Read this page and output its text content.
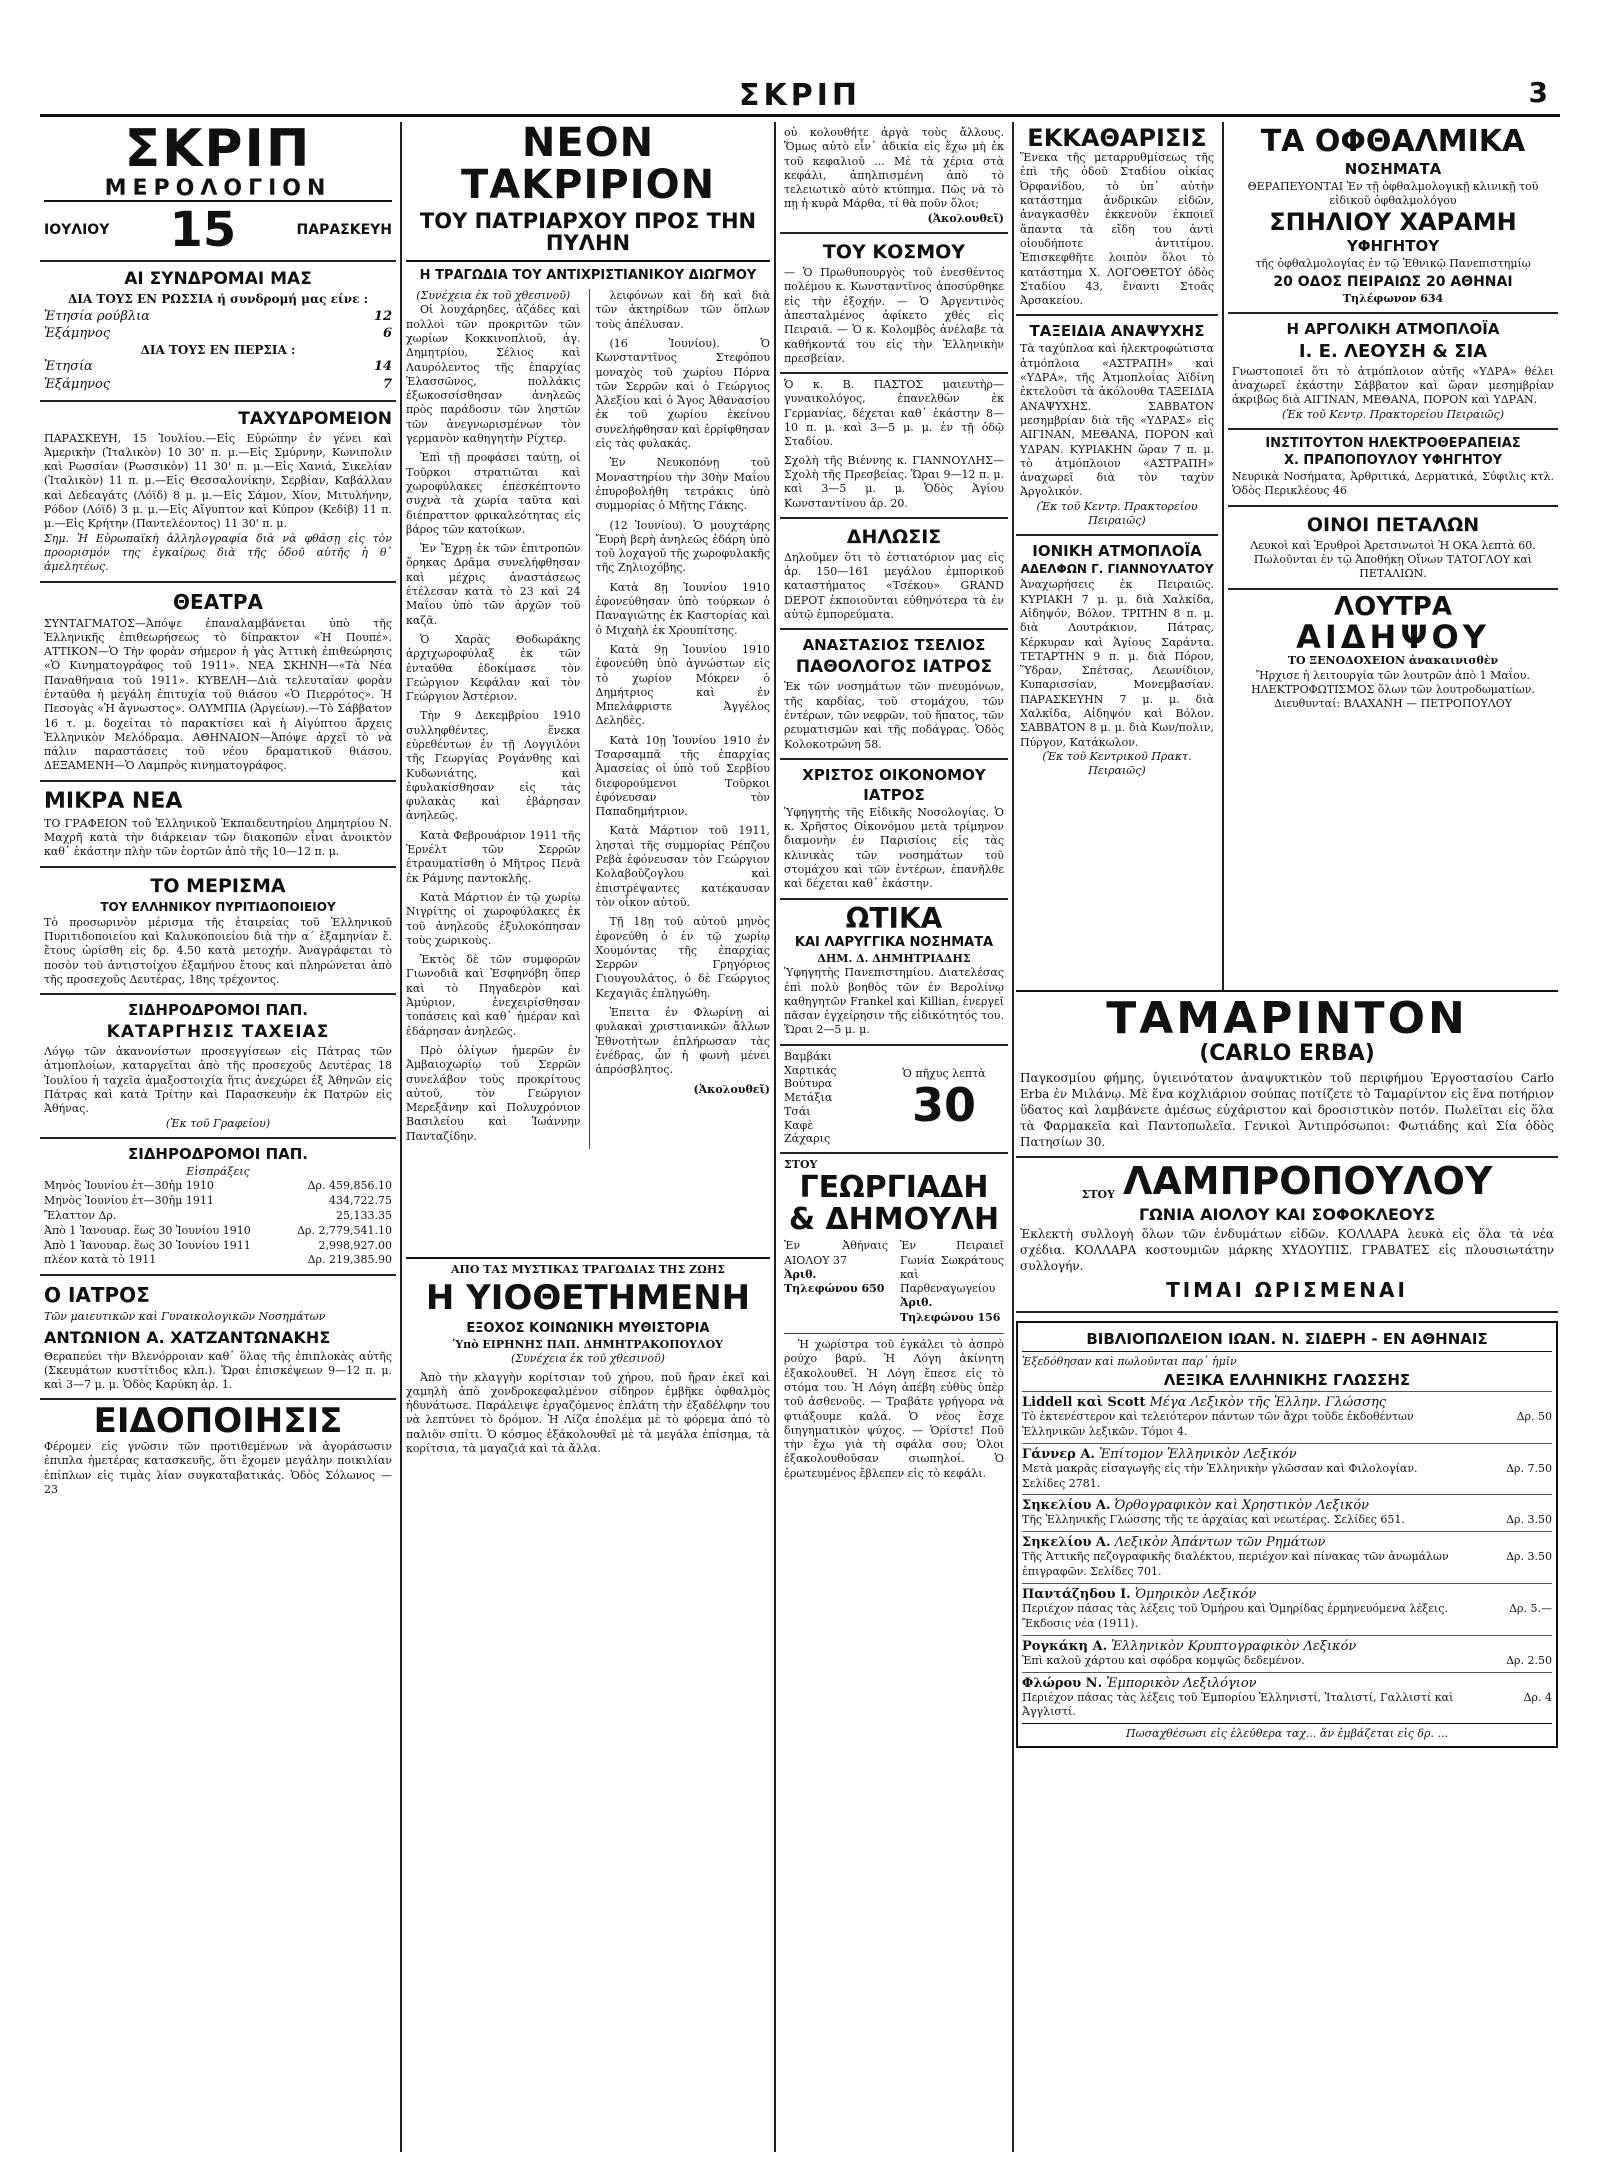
ΣΚΡΙΠ	3
ΣΚΡΙΠ
ΜΕΡΟΛΟΓΙΟΝ
ΙΟΥΛΙΟΥ 15	ΠΑΡΑΣΚΕΥΗ
ΑΙ ΣΥΝΔΡΟΜΑΙ ΜΑΣ
ΔΙΑ ΤΟΥΣ ΕΝ ΡΩΣΣΙΑ ή συνδρομή μας είνε :
Ἐτησία ρούβλια	12
Ἑξάμηνος	6
ΔΙΑ ΤΟΥΣ ΕΝ ΠΕΡΣΙΑ :
Ἐτησία	14
Ἑξάμηνος	7
ΤΑΧΥΔΡΟΜΕΙΟΝ
ΠΑΡΑΣΚΕΥΗ, 15 Ἰουλίου.—Εἰς Εὐρώπην ἐν γένει καὶ Ἀμερικὴν (Ἰταλικὸν) 10 30' π. μ.—Εἰς Σμύρνην, Κωνιπολιν καὶ Ρωσσίαν (Ρωσσικὸν) 11 30' π. μ.—Εἰς Χανιά, Σικελίαν (Ἰταλικὸν) 11 π. μ.—Εἰς Θεσσαλονίκην, Σερβίαν, Καβάλλαν καὶ Δεδεαγάτς (Λόϊδ) 8 μ. μ.—Εἰς Σάμον, Χίον, Μιτυλήνην, Ρόδον (Λόϊδ) 3 μ. μ.—Εἰς Αἴγυπτον καὶ Κύπρον (Κεδίβ) 11 π. μ.—Εἰς Κρήτην (Παντελέοντος) 11 30' π. μ.
Σημ. Ἡ Εὐρωπαϊκὴ ἀλληλογραφία διὰ νὰ φθάσῃ εἰς τὸν προορισμόν της ἐγκαίρως διὰ τῆς ὁδοῦ αὐτῆς ἡ θ᾽ ἀμελητέως.
ΘΕΑΤΡΑ
ΣΥΝΤΑΓΜΑΤΟΣ—Ἀπόψε ἐπαναλαμβάνεται ὑπὸ τῆς Ἑλληνικῆς ἐπιθεωρήσεως τὸ δίπρακτον «Ἡ Πουπέ». ΑΤΤΙΚΟΝ—Ὁ Τὴν φορὰν σήμερον ἡ γὰς Ἀττικὴ ἐπιθεώρησις «Ὁ Κινηματογράφος τοῦ 1911». ΝΕΑ ΣΚΗΝΗ—«Τὰ Νέα Παναθήναια τοῦ 1911». ΚΥΒΕΛΗ—Διὰ τελευταίαν φορὰν ἐνταῦθα ἡ μεγάλη ἐπιτυχία τοῦ θιάσου «Ὁ Πιερρότος». Ἡ Πεσογὰς «Ἡ ἄγνωστος». ΟΛΥΜΠΙΑ (Ἀργείων).—Τὸ Σάββατον 16 τ. μ. δοχείται τὸ παρακτίσει καὶ ἡ Αἰγύπτου ἄρχεις Ἑλληνικὸν Μελόδραμα. ΑΘΗΝΑΙΟΝ—Ἀπόψε ἀρχεῖ τὸ νὰ πάλιν παραστάσεις τοῦ νέου δραματικοῦ θιάσου. ΔΕΞΑΜΕΝΗ—Ὁ Λαμπρὸς κινηματογράφος.
ΜΙΚΡΑ ΝΕΑ
ΤΟ ΓΡΑΦΕΙΟΝ τοῦ Ἑλληνικοῦ Ἐκπαιδευτηρίου Δημητρίου Ν. Μαχρῆ κατὰ τὴν διάρκειαν τῶν διακοπῶν εἶναι ἀνοικτὸν καθ᾽ ἑκάστην πλὴν τῶν ἑορτῶν ἀπὸ τῆς 10—12 π. μ.
ΤΟ ΜΕΡΙΣΜΑ
ΤΟΥ ΕΛΛΗΝΙΚΟΥ ΠΥΡΙΤΙΔΟΠΟΙΕΙΟΥ
Τὸ προσωρινὸν μέρισμα τῆς ἑταιρείας τοῦ Ἑλληνικοῦ Πυριτιδοποιείου καὶ Καλυκοποιείου διὰ τὴν α΄ ἑξαμηνίαν ἔ. ἔτους ὡρίσθη εἰς δρ. 4.50 κατὰ μετοχήν. Ἀναγράφεται τὸ ποσὸν τοῦ ἀντιστοίχου ἑξαμήνου ἔτους καὶ πληρώνεται ἀπὸ τῆς προσεχοῦς Δευτέρας, 18ης τρέχοντος.
ΣΙΔΗΡΟΔΡΟΜΟΙ ΠΑΠ.
ΚΑΤΑΡΓΗΣΙΣ ΤΑΧΕΙΑΣ
Λόγῳ τῶν ἀκανονίστων προσεγγίσεων εἰς Πάτρας τῶν ἀτμοπλοίων, καταργεῖται ἀπὸ τῆς προσεχοῦς Δευτέρας 18 Ἰουλίου ἡ ταχεῖα ἁμαξοστοιχία ἥτις ἀνεχώρει ἐξ Ἀθηνῶν εἰς Πάτρας καὶ κατὰ Τρίτην καὶ Παρασκευὴν ἐκ Πατρῶν εἰς Ἀθήνας.
(Ἐκ τοῦ Γραφείου)
ΣΙΔΗΡΟΔΡΟΜΟΙ ΠΑΠ.
Εἰσπράξεις
Μηνὸς Ἰουνίου ἐτ—30ἡμ 1910	Δρ. 459,856.10
Μηνὸς Ἰουνίου ἐτ—30ἡμ 1911	434,722.75
Ἔλαττον Δρ.	25,133.35
Ἀπὸ 1 Ἰανουαρ. ἕως 30 Ἰουνίου 1910	Δρ. 2,779,541.10
Ἀπὸ 1 Ἰανουαρ. ἕως 30 Ἰουνίου 1911	2,998,927.00
πλέον κατὰ τὸ 1911	Δρ. 219,385.90
Ο ΙΑΤΡΟΣ
Τῶν μαιευτικῶν καὶ Γυναικολογικῶν Νοσημάτων
ΑΝΤΩΝΙΟΝ Α. ΧΑΤΖΑΝΤΩΝΑΚΗΣ
Θεραπεύει τὴν Βλενόρροιαν καθ᾽ ὅλας τῆς ἐπιπλοκὰς αὐτῆς (Σκευμάτων κυστίτιδος κλπ.). Ὥραι ἐπισκέψεων 9—12 π. μ. καὶ 3—7 μ. μ. Ὁδὸς Καρύκη ἀρ. 1.
ΕΙΔΟΠΟΙΗΣΙΣ
Φέρομεν εἰς γνῶσιν τῶν προτιθεμένων νὰ ἀγοράσωσιν ἐπιπλα ἡμετέρας κατασκευῆς, ὅτι ἔχομεν μεγάλην ποικιλίαν ἐπίπλων εἰς τιμὰς λίαν συγκαταβατικάς. Ὁδὸς Σόλωνος — 23
ΝΕΟΝ ΤΑΚΡΙΡΙΟΝ
ΤΟΥ ΠΑΤΡΙΑΡΧΟΥ ΠΡΟΣ ΤΗΝ ΠΥΛΗΝ
Η ΤΡΑΓΩΔΙΑ ΤΟΥ ΑΝΤΙΧΡΙΣΤΙΑΝΙΚΟΥ ΔΙΩΓΜΟΥ
(Συνέχεια ἐκ τοῦ χθεσινοῦ)

Οἱ λουχάρηδες, ἀζάδες καὶ πολλοὶ τῶν προκριτῶν τῶν χωρίων Κοκκινοπλιοῦ, ἁγ. Δημητρίου, Σέλιος καὶ Λαυρόλεντος τῆς ἐπαρχίας Ἐλασσῶνος, πολλάκις ἐξωκοσσίσθησαν ἀνηλεῶς πρὸς παράδοσιν τῶν ληστῶν τῶν ἀνεγνωρισμένων τὸν γερμανὸν καθηγητὴν Ρίχτερ.

Ἐπὶ τῇ προφάσει ταύτῃ, οἱ Τοῦρκοι στρατιῶται καὶ χωροφύλακες ἐπεσκέπτοντο συχνὰ τὰ χωρία ταῦτα καὶ διέπραττον φρικαλεότητας εἰς βάρος τῶν κατοίκων.

Ἐν Ἔχρῃ ἐκ τῶν ἐπιτροπῶν ὅρηκας Δρᾶμα συνελήφθησαν καὶ μέχρις ἀναστάσεως ἐτέλεσαν κατὰ τὸ 23 καὶ 24 Μαΐου ὑπὸ τῶν ἀρχῶν τοῦ καζᾶ.

Ὁ Χαρὰς Θοδωράκης ἀρχιχωροφύλαξ ἐκ τῶν ἐνταῦθα ἐδοκίμασε τὸν Γεώργιον Κεφάλαν καὶ τὸν Γεώργιον Ἀστέριον.

Τὴν 9 Δεκεμβρίου 1910 συλληφθέντες, ἕνεκα εὑρεθέντων ἐν τῇ Λογγιλόνι τῆς Γεωργίας Ρογάνθης καὶ Κυδωνιάτης, καὶ ἐφυλακίσθησαν εἰς τὰς φυλακὰς καὶ ἐβάρησαν ἀνηλεῶς.

Κατὰ Φεβρουάριον 1911 τῆς Ἐρνέλτ τῶν Σερρῶν ἐτραυματίσθη ὁ Μῆτρος Πενᾶ ἐκ Ράμνης παντοκλῆς.

Κατὰ Μάρτιον ἐν τῷ χωρίῳ Νιγρίτης οἱ χωροφύλακες ἐκ τοῦ ἀνηλεοῦς ἐξυλοκόπησαν τοὺς χωρικοὺς.

Ἐκτὸς δὲ τῶν συμφορῶν Γιωνοδιᾶ καὶ Ἐσφηνόβη ὅπερ καὶ τὸ Πηγαδερὸν καὶ Ἀμύριον, ἐνεχειρίσθησαν τοπάσεις καὶ καθ᾽ ἡμέραν καὶ ἐδάρησαν ἀνηλεῶς.

Πρὸ ὀλίγων ἡμερῶν ἐν Ἀμβαιοχωρίῳ τοῦ Σερρῶν συνελάβον τοὺς προκρίτους αὐτοῦ, τὸν Γεώργιον Μερεξᾶνην καὶ Πολυχρόνιον Βασιλείου καὶ Ἰωάννην Πανταζίδην.

λειφόνων καὶ δὴ καὶ διὰ τῶν ἀκτηρίδων τῶν ὅπλων τοὺς ἀπέλυσαν.

(16 Ἰουνίου). Ὁ Κωνσταντῖνος Στεφόπου μοναχὸς τοῦ χωρίου Πόρνα τῶν Σερρῶν καὶ ὁ Γεώργιος Ἀλεξίου καὶ ὁ Ἄγος Ἀθανασίου ἐκ τοῦ χωρίου ἐκείνου συνελήφθησαν καὶ ἐρρίφθησαν εἰς τὰς φυλακάς.

Ἐν Νευκοπόνῃ τοῦ Μοναστηρίου τὴν 30ὴν Μαΐου ἐπυροβολήθη τετράκις ὑπὸ συμμορίας ὁ Μῆτης Γάκης.

(12 Ἰουνίου). Ὁ μουχτάρης Ἔυρὴ βερὴ ἀνηλεῶς ἐδάρη ὑπὸ τοῦ λοχαγοῦ τῆς χωροφυλακῆς τῆς Ζηλιοχόβης.

Κατὰ 8ῃ Ἰουνίου 1910 ἐφονεύθησαν ὑπὸ τούρκων ὁ Παναγιώτης ἐκ Καστορίας καὶ ὁ Μιχαὴλ ἐκ Χρουπίτσης.

Κατὰ 9ῃ Ἰουνίου 1910 ἐφονεύθη ὑπὸ ἀγνώστων εἰς τὸ χωρίον Μόκρεν ὁ Δημήτριος καὶ ἐν Μπελάφριστε Ἀγγέλος Δεληδὲς.

Κατὰ 10ῃ Ἰουνίου 1910 ἐν Τσαρσαμπᾶ τῆς ἐπαρχίας Ἀμασείας οἱ ὑπὸ τοῦ Σερβίου διεφορούμενοι Τοῦρκοι ἐφόνευσαν τὸν Παπαδημήτριον.

Κατὰ Μάρτιον τοῦ 1911, λησταὶ τῆς συμμορίας Ρέπζου Ρεβὰ ἐφόνευσαν τὸν Γεώργιον Κολαβοῦζογλου καὶ ἐπιστρέψαντες κατέκαυσαν τὸν οἶκον αὐτοῦ.

Τῇ 18ῃ τοῦ αὐτοῦ μηνὸς ἐφονεύθη ὁ ἐν τῷ χωρίῳ Χουμόντας τῆς ἐπαρχίας Σερρῶν Γρηγόριος Γιουγουλάτος, ὁ δὲ Γεώργιος Κεχαγιᾶς ἐπληγώθη.

Ἐπειτα ἐν Φλωρίνῃ αἱ φυλακαὶ χριστιανικῶν ἄλλων Ἐθνοτήτων ἐπλήρωσαν τὰς ἐνέδρας, ὧν ἡ φωνὴ μένει ἀπρόσβλητος.

(Ἀκολουθεῖ)
ΑΠΟ ΤΑΣ ΜΥΣΤΙΚΑΣ ΤΡΑΓΩΔΙΑΣ ΤΗΣ ΖΩΗΣ
Η ΥΙΟΘΕΤΗΜΕΝΗ
ΕΞΟΧΟΣ ΚΟΙΝΩΝΙΚΗ ΜΥΘΙΣΤΟΡΙΑ
Ὑπὸ ΕΙΡΗΝΗΣ ΠΑΠ. ΔΗΜΗΤΡΑΚΟΠΟΥΛΟΥ
(Συνέχεια ἐκ τοῦ χθεσινοῦ)

Ἀπὸ τὴν κλαγγὴν κορίτσιαν τοῦ χήρου, ποῦ ἤραν ἐκεῖ καὶ χαμηλὴ ἀπὸ χονδροκεφαλμένον σίδηρον ἐμβῆκε ὀφθαλμὸς ἠδυνάτωσε. Παράλειψε ἐργαζόμενος ἐπλάτη τὴν ἐξαδέλφην του νὰ λεπτύνει τὸ δρόμον. Ἡ Λίζα ἐπολέμα μὲ τὸ φόρεμα ἀπό τὸ παλιὸν σπίτι. Ὁ κόσμος ἐξάκολουθεῖ μὲ τὰ μεγάλα ἐπίσημα, τὰ κορίτσια, τὰ μαγαζιά καὶ τὰ ἄλλα.

οὐ κολουθήτε ἀργὰ τοὺς ἄλλους. Ὅμως αὐτὸ εἶν᾽ ἀδικία εἰς ἔχω μὴ ἐκ τοῦ κεφαλιοῦ ... Μὲ τὰ χέρια στὰ κεφάλι, ἀπηλπισμένη ἀπὸ τὸ τελειωτικὸ αὐτὸ κτύπημα. Πῶς νὰ τὸ πῃ ἡ κυρὰ Μάρθα, τί θὰ ποῦν ὅλοι;
(Ἀκολουθεῖ)
ΤΟΥ ΚΟΣΜΟΥ
— Ὁ Πρωθυπουργὸς τοῦ ἐνεσθέντος πολέμου κ. Κωνσταντῖνος ἀποσύρθηκε εἰς τὴν ἐξοχήν. — Ὁ Ἀργεντινὸς ἀπεσταλμένος ἀφίκετο χθὲς εἰς Πειραιᾶ. — Ὁ κ. Κολομβὸς ἀνέλαβε τὰ καθήκοντά του εἰς τὴν Ἑλληνικὴν πρεσβείαν.
Ὁ κ. Β. ΠΑΣΤΟΣ μαιευτὴρ—γυναικολόγος, ἐπανελθὼν ἐκ Γερμανίας, δέχεται καθ᾽ ἑκάστην 8—10 π. μ. καὶ 3—5 μ. μ. ἐν τῇ ὁδῷ Σταδίου.
Σχολὴ τῆς Βιέννης κ. ΓΙΑΝΝΟΥΛΗΣ—Σχολὴ τῆς Πρεσβείας. Ὥραι 9—12 π. μ. καὶ 3—5 μ. μ. Ὁδὸς Ἀγίου Κωνσταντίνου ἀρ. 20.
ΔΗΛΩΣΙΣ
Δηλοῦμεν ὅτι τὸ ἐστιατόριον μας εἰς ἀρ. 150—161 μεγάλου ἐμπορικοῦ καταστήματος «Τσέκου» GRAND DEPOT ἐκποιοῦνται εὐθηνότερα τὰ ἐν αὐτῷ ἐμπορεύματα.
ΑΝΑΣΤΑΣΙΟΣ ΤΣΕΛΙΟΣ
ΠΑΘΟΛΟΓΟΣ ΙΑΤΡΟΣ
Ἐκ τῶν νοσημάτων τῶν πνευμόνων, τῆς καρδίας, τοῦ στομάχου, τῶν ἐντέρων, τῶν νεφρῶν, τοῦ ἥπατος, τῶν ρευματισμῶν καὶ τῆς ποδάγρας. Ὁδὸς Κολοκοτρώνη 58.
ΧΡΙΣΤΟΣ ΟΙΚΟΝΟΜΟΥ
ΙΑΤΡΟΣ
Ὑφηγητὴς τῆς Εἰδικῆς Νοσολογίας. Ὁ κ. Χρῆστος Οἰκονόμου μετὰ τρίμηνον διαμονὴν ἐν Παρισίοις εἰς τὰς κλινικὰς τῶν νοσημάτων τοῦ στομάχου καὶ τῶν ἐντέρων, ἐπανῆλθε καὶ δέχεται καθ᾽ ἑκάστην.
ΩΤΙΚΑ
ΚΑΙ ΛΑΡΥΓΓΙΚΑ ΝΟΣΗΜΑΤΑ
ΔΗΜ. Δ. ΔΗΜΗΤΡΙΑΔΗΣ
Ὑφηγητὴς Πανεπιστημίου. Διατελέσας ἐπὶ πολὺ βοηθὸς τῶν ἐν Βερολίνῳ καθηγητῶν Frankel καὶ Killian, ἐνεργεῖ πᾶσαν ἐγχείρησιν τῆς εἰδικότητός του. Ὥραι 2—5 μ. μ.
Βαμβάκι
Χαρτικάς
Βούτυρα
Μετάξια
Τσάι
Καφὲ
Ζάχαρις
Ὁ πῆχυς λεπτὰ
30
ΣΤΟΥ
ΓΕΩΡΓΙΑΔΗ
& ΔΗΜΟΥΛΗ
Ἐν Ἀθήναις ΑΙΟΛΟΥ 37
Ἀριθ. Τηλεφώνου 650
Ἐν Πειραιεῖ Γωνία Σωκράτους καὶ Παρθεναγωγείου
Ἀριθ. Τηλεφώνου 156

Ἡ χωρίστρα τοῦ ἐγκάλει τὸ ἀσπρὸ ρούχο βαρύ. Ἡ Λόγη ἀκίνητη ἐξακολουθεῖ. Ἡ Λόγη ἔπεσε εἰς τὸ στόμα του. Ἡ Λόγη ἀπέβη εὐθὺς ὑπὲρ τοῦ ἀσθενοῦς. — Τραβάτε γρήγορα νὰ φτιάξουμε καλά. Ὁ νέος ἔσχε διηγηματικὸν ψύχος. — Ὁρίστε! Ποῦ τὴν ἔχω γιὰ τὴ σφάλα σου; Ὁλοι ἐξακολουθοῦσαν σιωπηλοί. Ὁ ἐρωτευμένος ἔβλεπεν εἰς τὸ κεφάλι.

ΕΚΚΑΘΑΡΙΣΙΣ
Ἕνεκα τῆς μεταρρυθμίσεως τῆς ἐπὶ τῆς ὁδοῦ Σταδίου οἰκίας Ὀρφανίδου, τὸ ὑπ᾽ αὐτὴν κατάστημα ἀνδρικῶν εἰδῶν, ἀναγκασθὲν ἐκκενοῦν ἐκποιεῖ ἅπαντα τὰ εἴδη του ἀντὶ οἰουδήποτε ἀντιτίμου. Ἐπισκεφθῆτε λοιπὸν ὅλοι τὸ κατάστημα Χ. ΛΟΓΟΘΕΤΟΥ ὁδὸς Σταδίου 43, ἔναντι Στοᾶς Ἀρσακείου.
ΤΑΞΕΙΔΙΑ ΑΝΑΨΥΧΗΣ
Τὰ ταχύπλοα καὶ ἠλεκτροφώτιστα ἀτμόπλοια «ΑΣΤΡΑΠΗ» καὶ «ΥΔΡΑ», τῆς Ἀτμοπλοΐας Ἀϊδίνη ἐκτελοῦσι τὰ ἀκόλουθα ΤΑΞΕΙΔΙΑ ΑΝΑΨΥΧΗΣ. ΣΑΒΒΑΤΟΝ μεσημβρίαν διὰ τῆς «ΥΔΡΑΣ» εἰς ΑΙΓΙΝΑΝ, ΜΕΘΑΝΑ, ΠΟΡΟΝ καὶ ΥΔΡΑΝ. ΚΥΡΙΑΚΗΝ ὥραν 7 π. μ. τὸ ἀτμόπλοιον «ΑΣΤΡΑΠΗ» ἀναχωρεῖ διὰ τὸν ταχὺν Ἀργολικόν.
(Ἐκ τοῦ Κεντρ. Πρακτορείου Πειραιῶς)
ΙΟΝΙΚΗ ΑΤΜΟΠΛΟΪΑ
ΑΔΕΛΦΩΝ Γ. ΓΙΑΝΝΟΥΛΑΤΟΥ
Ἀναχωρήσεις ἐκ Πειραιῶς. ΚΥΡΙΑΚΗ 7 μ. μ. διὰ Χαλκίδα, Αἰδηψόν, Βόλον. ΤΡΙΤΗΝ 8 π. μ. διὰ Λουτράκιον, Πάτρας, Κέρκυραν καὶ Ἁγίους Σαράντα. ΤΕΤΑΡΤΗΝ 9 π. μ. διὰ Πόρον, Ὕδραν, Σπέτσας, Λεωνίδιον, Κυπαρισσίαν, Μονεμβασίαν. ΠΑΡΑΣΚΕΥΗΝ 7 μ. μ. διὰ Χαλκίδα, Αἰδηψόν καὶ Βόλον. ΣΑΒΒΑΤΟΝ 8 μ. μ. διὰ Κων/πολιν, Πύργον, Κατάκωλον.
(Ἐκ τοῦ Κεντρικοῦ Πρακτ. Πειραιῶς)
ΤΑ ΟΦΘΑΛΜΙΚΑ
ΝΟΣΗΜΑΤΑ
ΘΕΡΑΠΕΥΟΝΤΑΙ Ἐν τῇ ὀφθαλμολογικῇ κλινικῇ τοῦ εἰδικοῦ ὀφθαλμολόγου
ΣΠΗΛΙΟΥ ΧΑΡΑΜΗ
ΥΦΗΓΗΤΟΥ
τῆς ὀφθαλμολογίας ἐν τῷ Ἐθνικῷ Πανεπιστημίῳ
20 ΟΔΟΣ ΠΕΙΡΑΙΩΣ 20 ΑΘΗΝΑΙ
Τηλέφωνον 634
Η ΑΡΓΟΛΙΚΗ ΑΤΜΟΠΛΟΪΑ
Ι. Ε. ΛΕΟΥΣΗ & ΣΙΑ
Γνωστοποιεῖ ὅτι τὸ ἀτμόπλοιον αὐτῆς «ΥΔΡΑ» θέλει ἀναχωρεῖ ἐκάστην Σάββατον καὶ ὥραν μεσημβρίαν ἀκριβῶς διὰ ΑΙΓΙΝΑΝ, ΜΕΘΑΝΑ, ΠΟΡΟΝ καὶ ΥΔΡΑΝ.
(Ἐκ τοῦ Κεντρ. Πρακτορείου Πειραιῶς)
ΙΝΣΤΙΤΟΥΤΟΝ ΗΛΕΚΤΡΟΘΕΡΑΠΕΙΑΣ
Χ. ΠΡΑΠΟΠΟΥΛΟΥ ΥΦΗΓΗΤΟΥ
Νευρικὰ Νοσήματα, Ἀρθριτικά, Δερματικά, Σύφιλις κτλ. Ὁδὸς Περικλέους 46
ΟΙΝΟΙ ΠΕΤΑΛΩΝ
Λευκοὶ καὶ Ἐρυθροὶ Ἀρετσινωτοὶ Ἡ ΟΚΑ λεπτὰ 60. Πωλοῦνται ἐν τῷ Ἀποθήκῃ Οἴνων ΤΑΤΟΓΛΟΥ καὶ ΠΕΤΑΛΙΩΝ.
ΛΟΥΤΡΑ
ΑΙΔΗΨΟΥ
ΤΟ ΞΕΝΟΔΟΧΕΙΟΝ ἀνακαινισθὲν
Ἤρχισε ἡ λειτουργία τῶν λουτρῶν ἀπὸ 1 Μαΐου. ΗΛΕΚΤΡΟΦΩΤΙΣΜΟΣ ὅλων τῶν λουτροδωματίων. Διευθυνταί: ΒΛΑΧΑΝΗ — ΠΕΤΡΟΠΟΥΛΟΥ
ΤΑΜΑΡΙΝΤΟΝ
(CARLO ERBA)
Παγκοσμίου φήμης, ὑγιεινότατον ἀναψυκτικὸν τοῦ περιφήμου Ἐργοστασίου Carlo Erba ἐν Μιλάνῳ. Μὲ ἕνα κοχλιάριον σούπας ποτίζετε τὸ Ταμαρίντον εἰς ἕνα ποτήριον ὕδατος καὶ λαμβάνετε ἀμέσως εὐχάριστον καὶ δροσιστικὸν ποτόν. Πωλεῖται εἰς ὅλα τὰ Φαρμακεῖα καὶ Παντοπωλεῖα. Γενικοὶ Ἀντιπρόσωποι: Φωτιάδης καὶ Σία ὁδὸς Πατησίων 30.
ΣΤΟΥ ΛΑΜΠΡΟΠΟΥΛΟΥ
ΓΩΝΙΑ ΑΙΟΛΟΥ ΚΑΙ ΣΟΦΟΚΛΕΟΥΣ
Ἐκλεκτὴ συλλογὴ ὅλων τῶν ἐνδυμάτων εἰδῶν. ΚΟΛΛΑΡΑ λευκὰ εἰς ὅλα τὰ νέα σχέδια. ΚΟΛΛΑΡΑ κοστουμιῶν μάρκης ΧΥΔΟΥΠΙΣ. ΓΡΑΒΑΤΕΣ εἰς πλουσιωτάτην συλλογήν.
ΤΙΜΑΙ ΩΡΙΣΜΕΝΑΙ
ΒΙΒΛΙΟΠΩΛΕΙΟΝ ΙΩΑΝ. Ν. ΣΙΔΕΡΗ - ΕΝ ΑΘΗΝΑΙΣ
Ἐξεδόθησαν καὶ πωλοῦνται παρ᾽ ἡμῖν
ΛΕΞΙΚΑ ΕΛΛΗΝΙΚΗΣ ΓΛΩΣΣΗΣ
Liddell καὶ Scott Μέγα Λεξικὸν τῆς Ἑλλην. Γλώσσης
Τὸ ἐκτενέστερον καὶ τελειότερον πάντων τῶν ἄχρι τοῦδε ἐκδοθέντων Ἑλληνικῶν λεξικῶν. Τόμοι 4.
Δρ. 50
Γάννερ Α. Ἐπίτομον Ἑλληνικὸν Λεξικόν
Μετὰ μακρᾶς εἰσαγωγῆς εἰς τὴν Ἑλληνικὴν γλῶσσαν καὶ Φιλολογίαν. Σελίδες 2781.
Δρ. 7.50
Σηκελίου Α. Ὀρθογραφικὸν καὶ Χρηστικὸν Λεξικόν
Τῆς Ἑλληνικῆς Γλώσσης τῆς τε ἀρχαίας καὶ νεωτέρας. Σελίδες 651.	Δρ. 3.50
Σηκελίου Α. Λεξικὸν Ἀπάντων τῶν Ρημάτων
Τῆς Ἀττικῆς πεζογραφικῆς διαλέκτου, περιέχον καὶ πίνακας τῶν ἀνωμάλων ἐπιγραφῶν. Σελίδες 701.
Δρ. 3.50
Παντάζηδου Ι. Ὁμηρικὸν Λεξικόν
Περιέχον πάσας τὰς λέξεις τοῦ Ὁμήρου καὶ Ὁμηρίδας ἑρμηνευόμενα λέξεις. Ἔκδοσις νέα (1911).
Δρ. 5.—
Ρογκάκη Α. Ἑλληνικὸν Κρυπτογραφικὸν Λεξικόν
Ἐπὶ καλοῦ χάρτου καὶ σφόδρα κομψῶς δεδεμένον.	Δρ. 2.50
Φλώρου Ν. Ἐμπορικὸν Λεξιλόγιον
Περιέχον πάσας τὰς λέξεις τοῦ Ἐμπορίου Ἑλληνιστί, Ἰταλιστί, Γαλλιστί καὶ Ἀγγλιστί.
Δρ. 4
Πωσαχθέσωσι εἰς ἐλεύθερα ταχ... ἅν ἐμβάζεται εἰς δρ. ...
